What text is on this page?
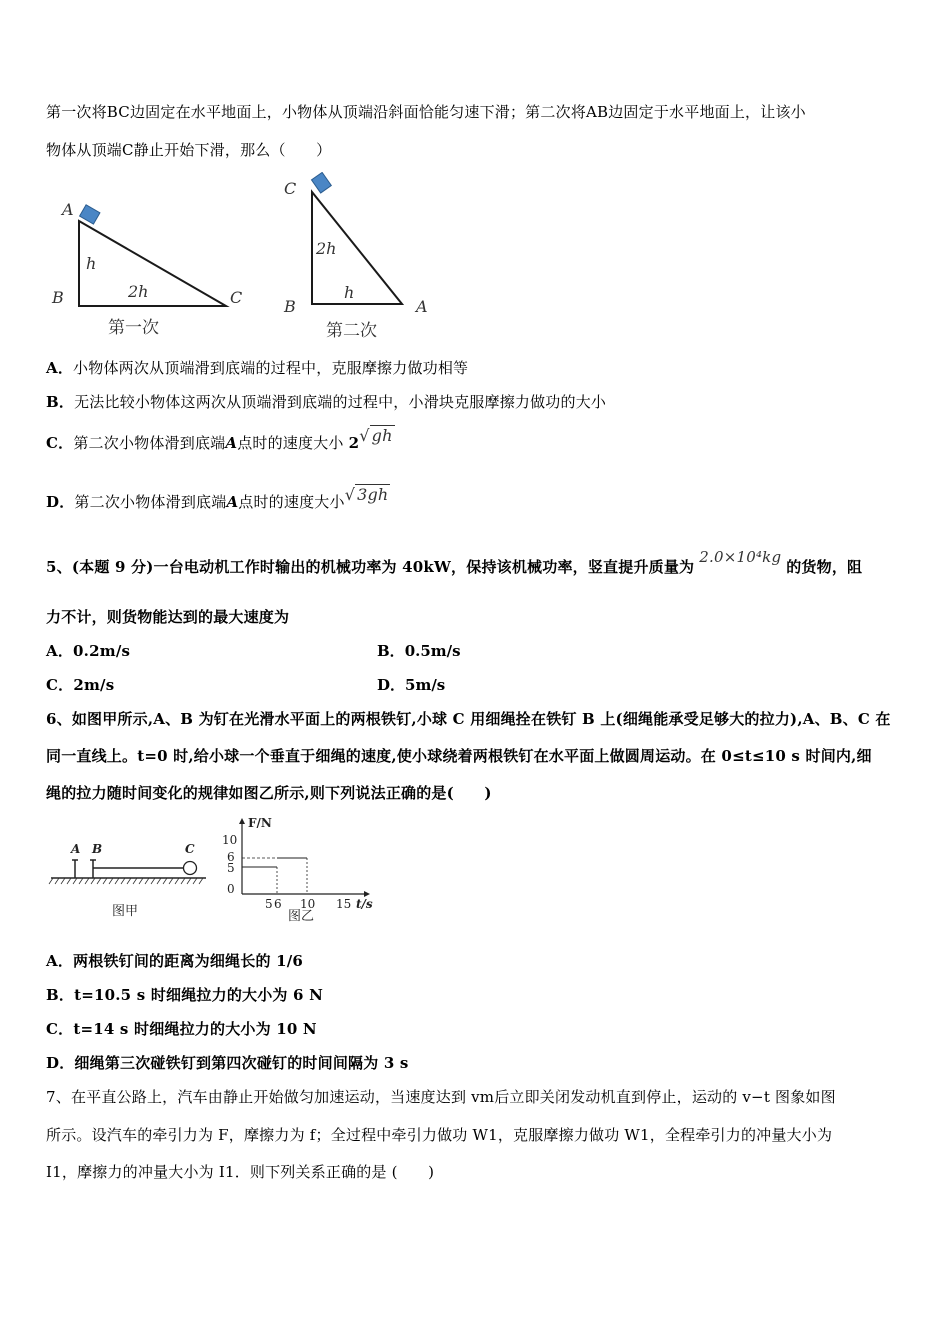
第一次将BC边固定在水平地面上，小物体从顶端沿斜面恰能匀速下滑；第二次将AB边固定于水平地面上，让该小
物体从顶端C静止开始下滑，那么（　　）
A
h
2h
B	C
第一次
C
2h
h
B	A
第二次
A．小物体两次从顶端滑到底端的过程中，克服摩擦力做功相等
B．无法比较小物体这两次从顶端滑到底端的过程中，小滑块克服摩擦力做功的大小
C．第二次小物体滑到底端A点时的速度大小 2√ gh
D．第二次小物体滑到底端A点时的速度大小√ 3gh
5、(本题 9 分)一台电动机工作时输出的机械功率为 40kW，保持该机械功率，竖直提升质量为 2.0×10⁴kg 的货物，阻
力不计，则货物能达到的最大速度为
A．0.2m/s	B．0.5m/s
C．2m/s	D．5m/s
6、如图甲所示,A、B 为钉在光滑水平面上的两根铁钉,小球 C 用细绳拴在铁钉 B 上(细绳能承受足够大的拉力),A、B、C 在
同一直线上。t=0 时,给小球一个垂直于细绳的速度,使小球绕着两根铁钉在水平面上做圆周运动。在 0≤t≤10 s 时间内,细
绳的拉力随时间变化的规律如图乙所示,则下列说法正确的是(　　)
A B	C
图甲
F/N
10
6
5
0
5 6 10 15 t/s
图乙
A．两根铁钉间的距离为细绳长的 1/6
B．t=10.5 s 时细绳拉力的大小为 6 N
C．t=14 s 时细绳拉力的大小为 10 N
D．细绳第三次碰铁钉到第四次碰钉的时间间隔为 3 s
7、在平直公路上，汽车由静止开始做匀加速运动，当速度达到 vm后立即关闭发动机直到停止，运动的 v−t 图象如图
所示。设汽车的牵引力为 F，摩擦力为 f；全过程中牵引力做功 W1，克服摩擦力做功 W1，全程牵引力的冲量大小为
I1，摩擦力的冲量大小为 I1．则下列关系正确的是 (　　)
